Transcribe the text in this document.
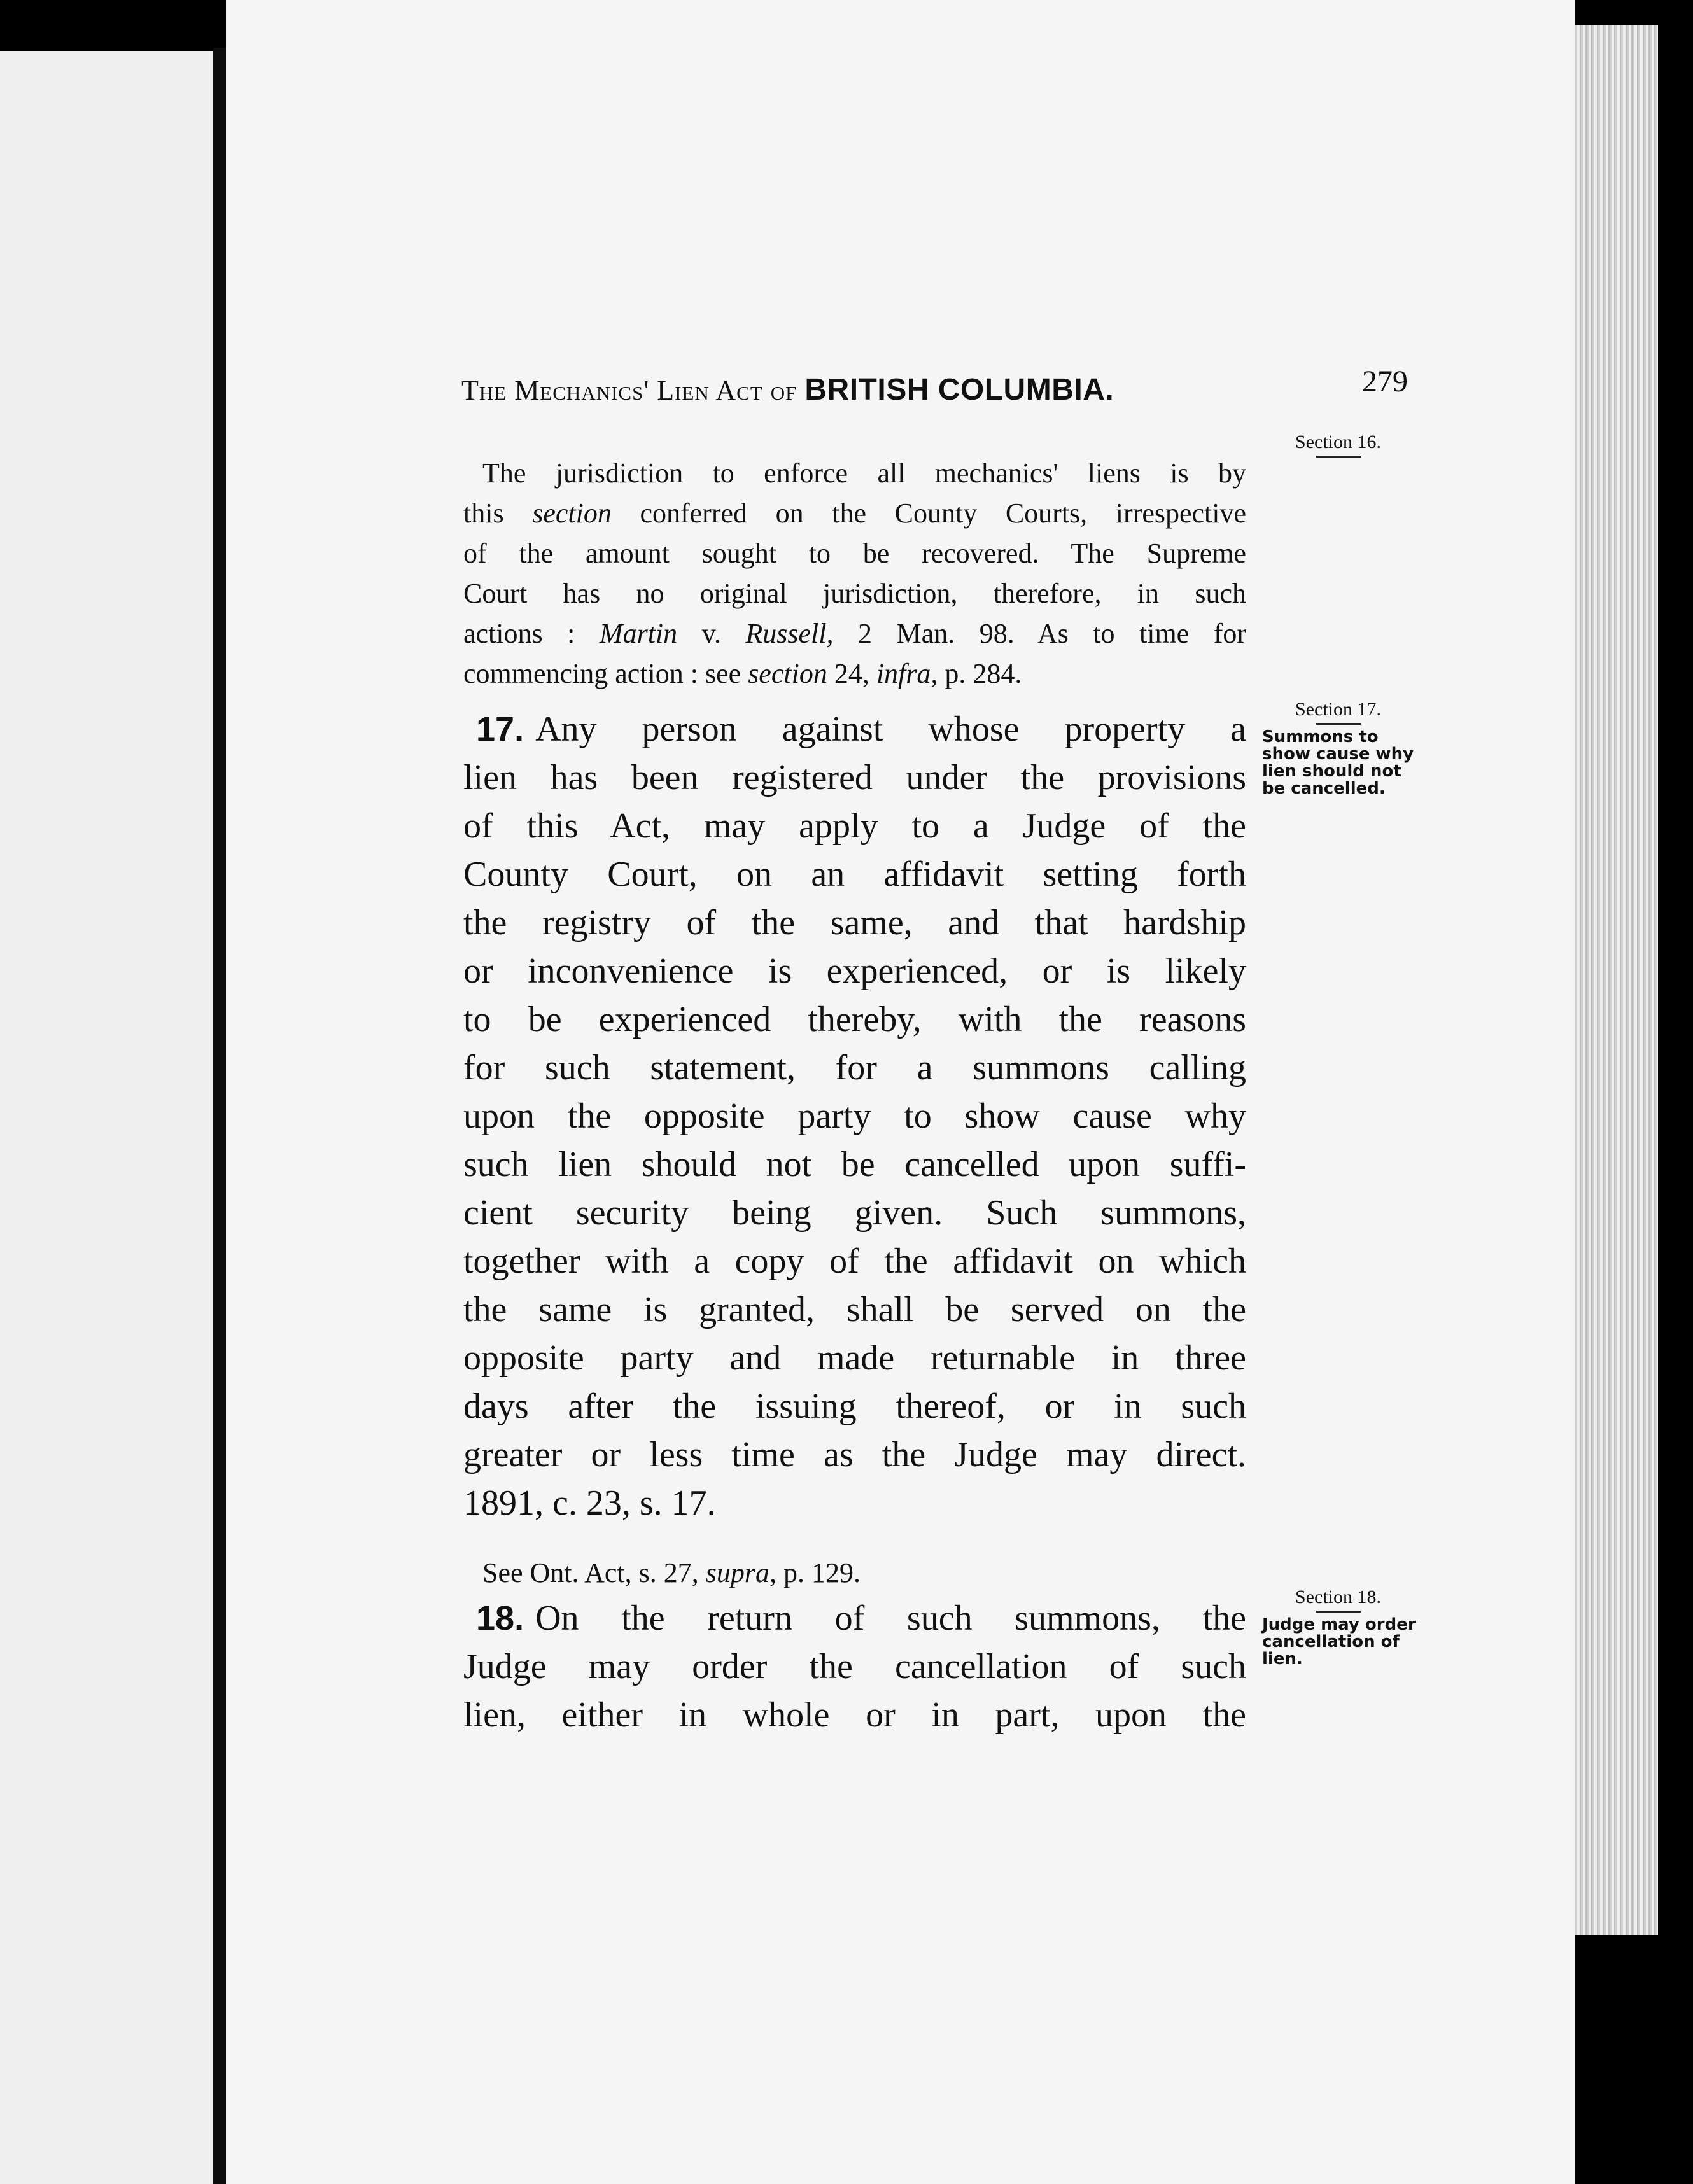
The Mechanics' Lien Act of BRITISH COLUMBIA.	279
Section 16.
Section 17.
Summons to show cause why lien should not be cancelled.
Section 18.
Judge may order cancellation of lien.
The jurisdiction to enforce all mechanics' liens is by
this section conferred on the County Courts, irrespective
of the amount sought to be recovered. The Supreme
Court has no original jurisdiction, therefore, in such
actions : Martin v. Russell, 2 Man. 98. As to time for
commencing action : see section 24, infra, p. 284.
17. Any person against whose property a
lien has been registered under the provisions
of this Act, may apply to a Judge of the
County Court, on an affidavit setting forth
the registry of the same, and that hardship
or inconvenience is experienced, or is likely
to be experienced thereby, with the reasons
for such statement, for a summons calling
upon the opposite party to show cause why
such lien should not be cancelled upon suffi-
cient security being given. Such summons,
together with a copy of the affidavit on which
the same is granted, shall be served on the
opposite party and made returnable in three
days after the issuing thereof, or in such
greater or less time as the Judge may direct.
1891, c. 23, s. 17.
See Ont. Act, s. 27, supra, p. 129.
18. On the return of such summons, the
Judge may order the cancellation of such
lien, either in whole or in part, upon the
